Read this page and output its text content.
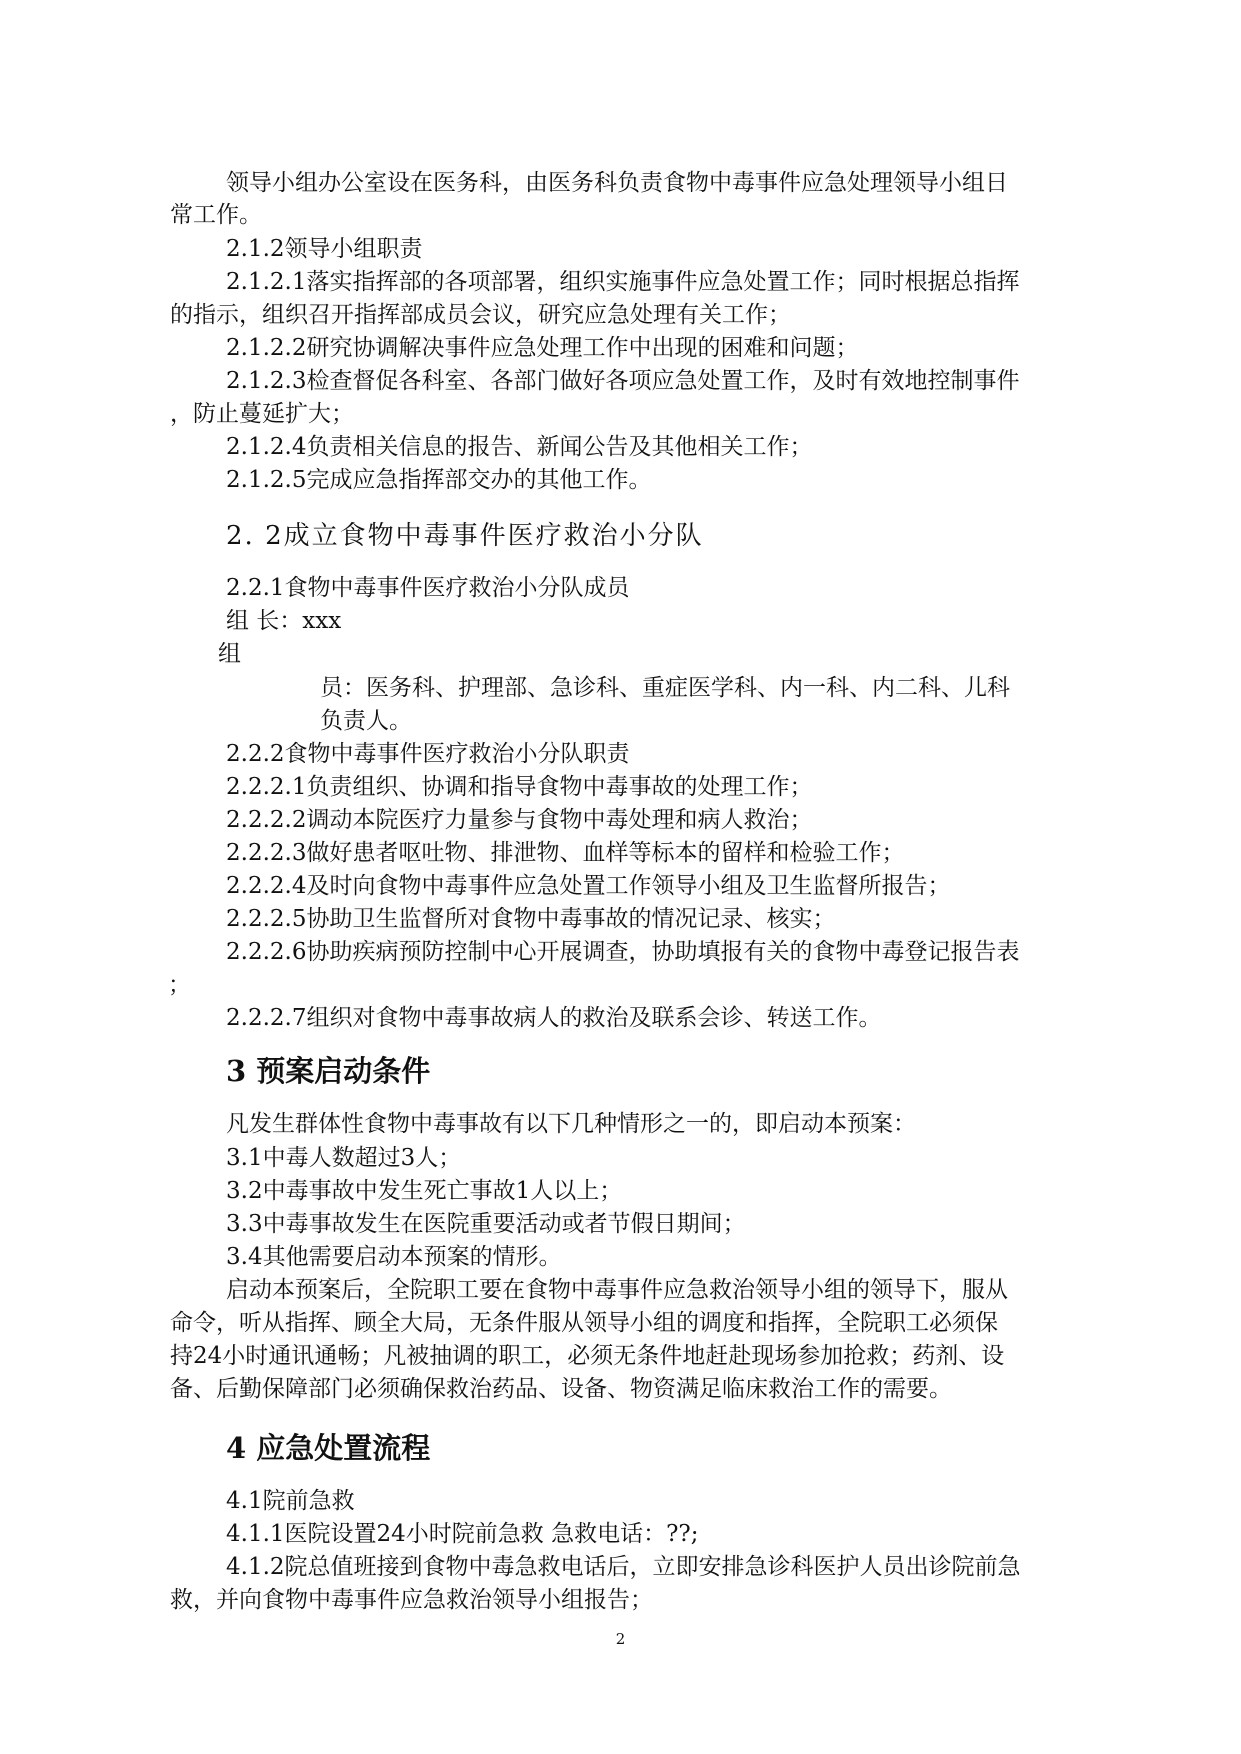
领导小组办公室设在医务科，由医务科负责食物中毒事件应急处理领导小组日
常工作。
2.1.2领导小组职责
2.1.2.1落实指挥部的各项部署，组织实施事件应急处置工作；同时根据总指挥
的指示，组织召开指挥部成员会议，研究应急处理有关工作；
2.1.2.2研究协调解决事件应急处理工作中出现的困难和问题；
2.1.2.3检查督促各科室、各部门做好各项应急处置工作，及时有效地控制事件
，防止蔓延扩大；
2.1.2.4负责相关信息的报告、新闻公告及其他相关工作；
2.1.2.5完成应急指挥部交办的其他工作。
2. 2成立食物中毒事件医疗救治小分队
2.2.1食物中毒事件医疗救治小分队成员
组 长：xxx
组
员：医务科、护理部、急诊科、重症医学科、内一科、内二科、儿科
负责人。
2.2.2食物中毒事件医疗救治小分队职责
2.2.2.1负责组织、协调和指导食物中毒事故的处理工作；
2.2.2.2调动本院医疗力量参与食物中毒处理和病人救治；
2.2.2.3做好患者呕吐物、排泄物、血样等标本的留样和检验工作；
2.2.2.4及时向食物中毒事件应急处置工作领导小组及卫生监督所报告；
2.2.2.5协助卫生监督所对食物中毒事故的情况记录、核实；
2.2.2.6协助疾病预防控制中心开展调查，协助填报有关的食物中毒登记报告表
；
2.2.2.7组织对食物中毒事故病人的救治及联系会诊、转送工作。
3 预案启动条件
凡发生群体性食物中毒事故有以下几种情形之一的，即启动本预案：
3.1中毒人数超过3人；
3.2中毒事故中发生死亡事故1人以上；
3.3中毒事故发生在医院重要活动或者节假日期间；
3.4其他需要启动本预案的情形。
启动本预案后，全院职工要在食物中毒事件应急救治领导小组的领导下，服从
命令，听从指挥、顾全大局，无条件服从领导小组的调度和指挥，全院职工必须保
持24小时通讯通畅；凡被抽调的职工，必须无条件地赶赴现场参加抢救；药剂、设
备、后勤保障部门必须确保救治药品、设备、物资满足临床救治工作的需要。
4 应急处置流程
4.1院前急救
4.1.1医院设置24小时院前急救 急救电话：??;
4.1.2院总值班接到食物中毒急救电话后，立即安排急诊科医护人员出诊院前急
救，并向食物中毒事件应急救治领导小组报告；
2
